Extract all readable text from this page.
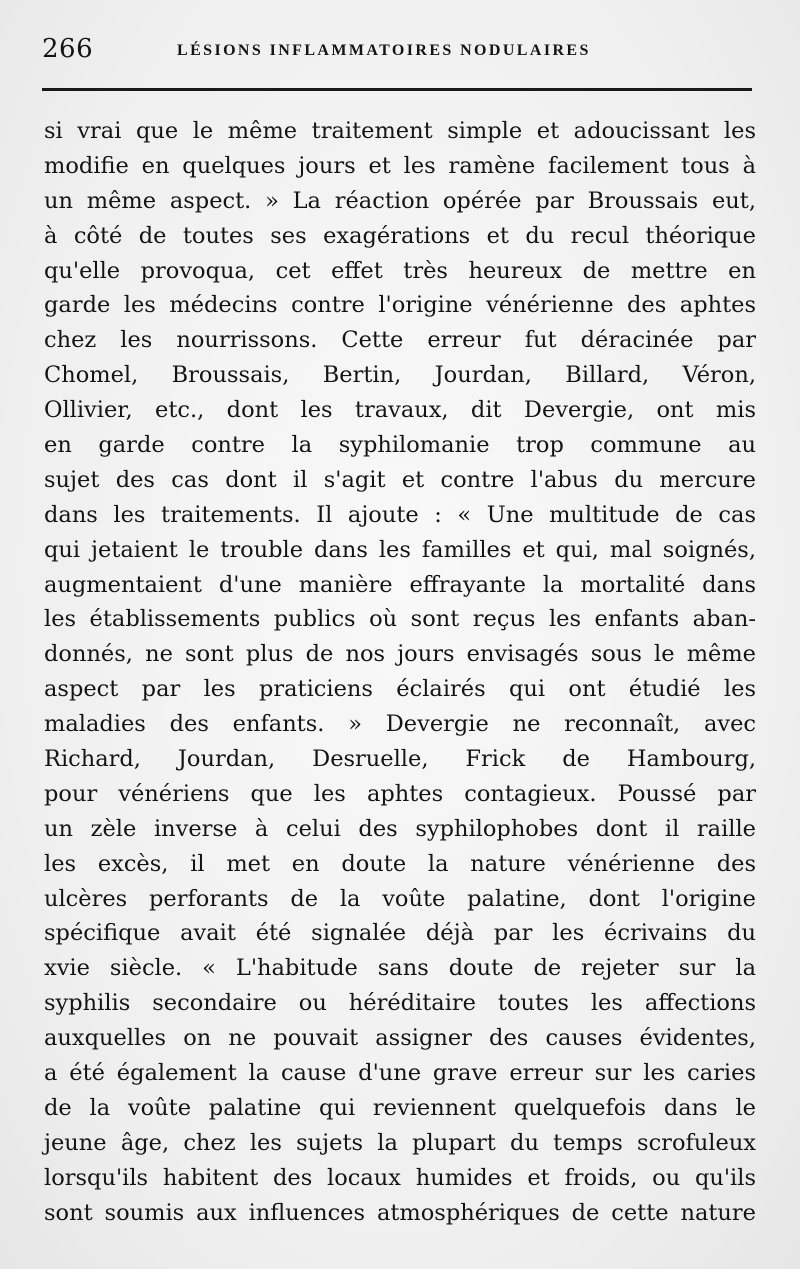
266	LÉSIONS INFLAMMATOIRES NODULAIRES
si vrai que le même traitement simple et adoucissant les
modifie en quelques jours et les ramène facilement tous à
un même aspect. » La réaction opérée par Broussais eut,
à côté de toutes ses exagérations et du recul théorique
qu'elle provoqua, cet effet très heureux de mettre en
garde les médecins contre l'origine vénérienne des aphtes
chez les nourrissons. Cette erreur fut déracinée par
Chomel, Broussais, Bertin, Jourdan, Billard, Véron,
Ollivier, etc., dont les travaux, dit Devergie, ont mis
en garde contre la syphilomanie trop commune au
sujet des cas dont il s'agit et contre l'abus du mercure
dans les traitements. Il ajoute : « Une multitude de cas
qui jetaient le trouble dans les familles et qui, mal soignés,
augmentaient d'une manière effrayante la mortalité dans
les établissements publics où sont reçus les enfants aban-
donnés, ne sont plus de nos jours envisagés sous le même
aspect par les praticiens éclairés qui ont étudié les
maladies des enfants. » Devergie ne reconnaît, avec
Richard, Jourdan, Desruelle, Frick de Hambourg,
pour vénériens que les aphtes contagieux. Poussé par
un zèle inverse à celui des syphilophobes dont il raille
les excès, il met en doute la nature vénérienne des
ulcères perforants de la voûte palatine, dont l'origine
spécifique avait été signalée déjà par les écrivains du
xvie siècle. « L'habitude sans doute de rejeter sur la
syphilis secondaire ou héréditaire toutes les affections
auxquelles on ne pouvait assigner des causes évidentes,
a été également la cause d'une grave erreur sur les caries
de la voûte palatine qui reviennent quelquefois dans le
jeune âge, chez les sujets la plupart du temps scrofuleux
lorsqu'ils habitent des locaux humides et froids, ou qu'ils
sont soumis aux influences atmosphériques de cette nature
